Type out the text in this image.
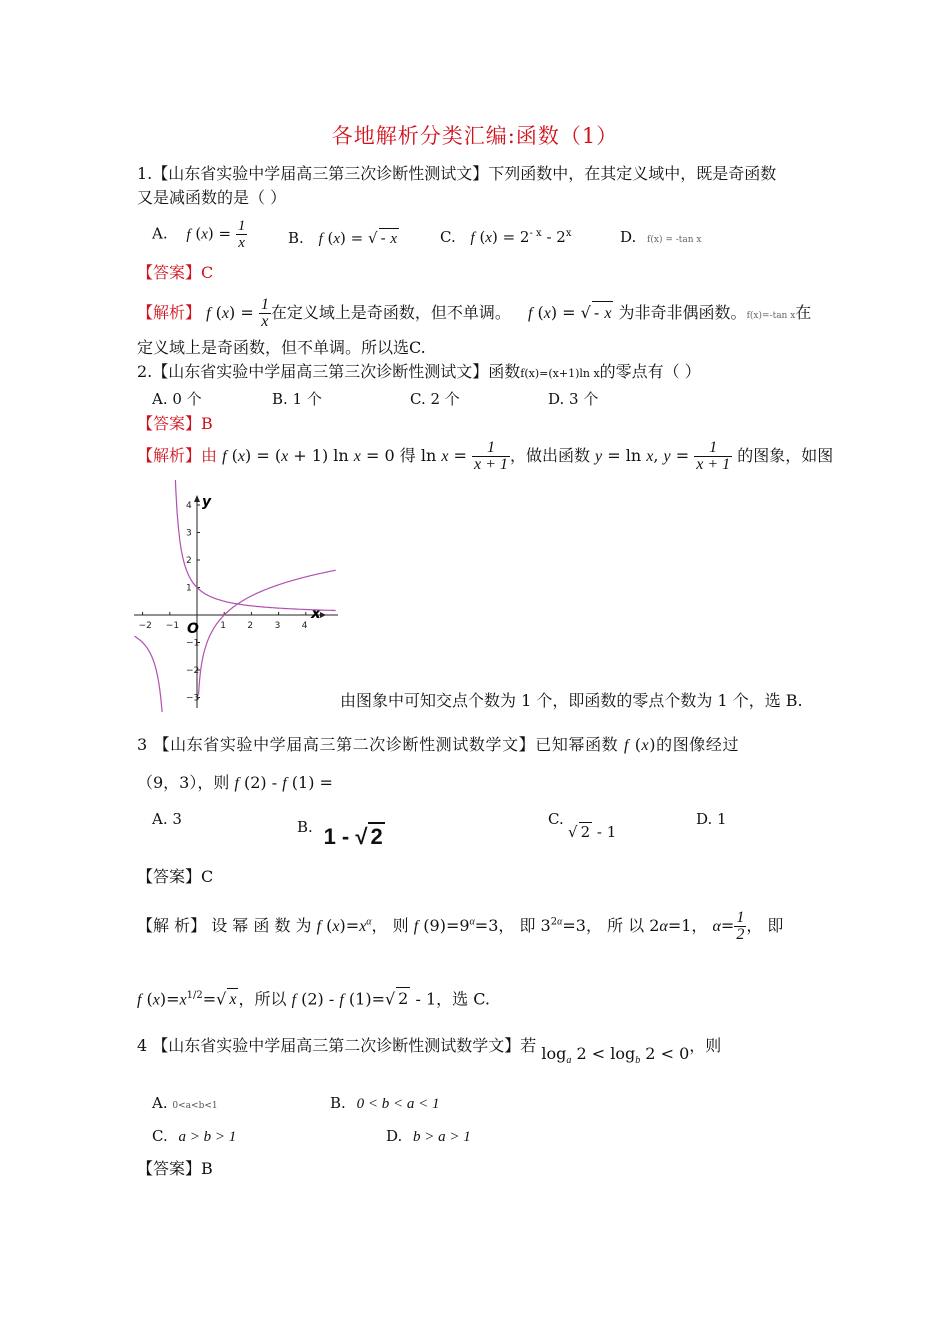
各地解析分类汇编:函数（1）
1.【山东省实验中学届高三第三次诊断性测试文】下列函数中，在其定义域中，既是奇函数
又是减函数的是（ ）
A. f $(x) = \frac{1}{x}$	B. f (x) = √ - x	C. f $(x) = 2^{- x} - 2^x$	D. f(x) = -tan x
【答案】C
【解析】 f $(x) = \frac{1}{x}$ 在定义域上是奇函数，但不单调。 f (x) = √ - x 为非奇非偶函数。f(x)=-tan x在
定义域上是奇函数，但不单调。所以选C.
2.【山东省实验中学届高三第三次诊断性测试文】函数f(x)=(x+1)ln x的零点有（ ）
A. 0 个	B. 1 个	C. 2 个	D. 3 个
【答案】B
【解析】由 f (x) = (x + 1) ln x = 0 得 $\ln x = \frac{1}{x + 1}$ ，做出函数 y = ln x, $y = \frac{1}{x + 1}$ 的图象，如图
−2 −1	1 2 3 4
4
3
2
1
−1
−2
−3
y
x
O
由图象中可知交点个数为 1 个，即函数的零点个数为 1 个，选 B.
3 【山东省实验中学届高三第二次诊断性测试数学文】已知幂函数 f (x)的图像经过
（9，3），则 f (2) - f (1) =
A. 3	B. 1 - √ 2
C.
√ 2 - 1
D. 1
【答案】C
【解 析】 设 幂 函 数 为 f $(x)=x^\alpha$， 则 f $(9)=9^\alpha=3$， 即 $3^{2\alpha}=3$， 所 以 2α=1， $\alpha= \frac{1}{2}$ ， 即
f $(x)=x^{1/2}=√$ x ，所以 f (2) - f (1)=√ 2 - 1，选 C.
4 【山东省实验中学届高三第二次诊断性测试数学文】若 $\log_a 2 < \log_b 2 < 0$，则
A. 0<a<b<1	B. 0 < b < a < 1
C. a > b > 1	D. b > a > 1
【答案】B
